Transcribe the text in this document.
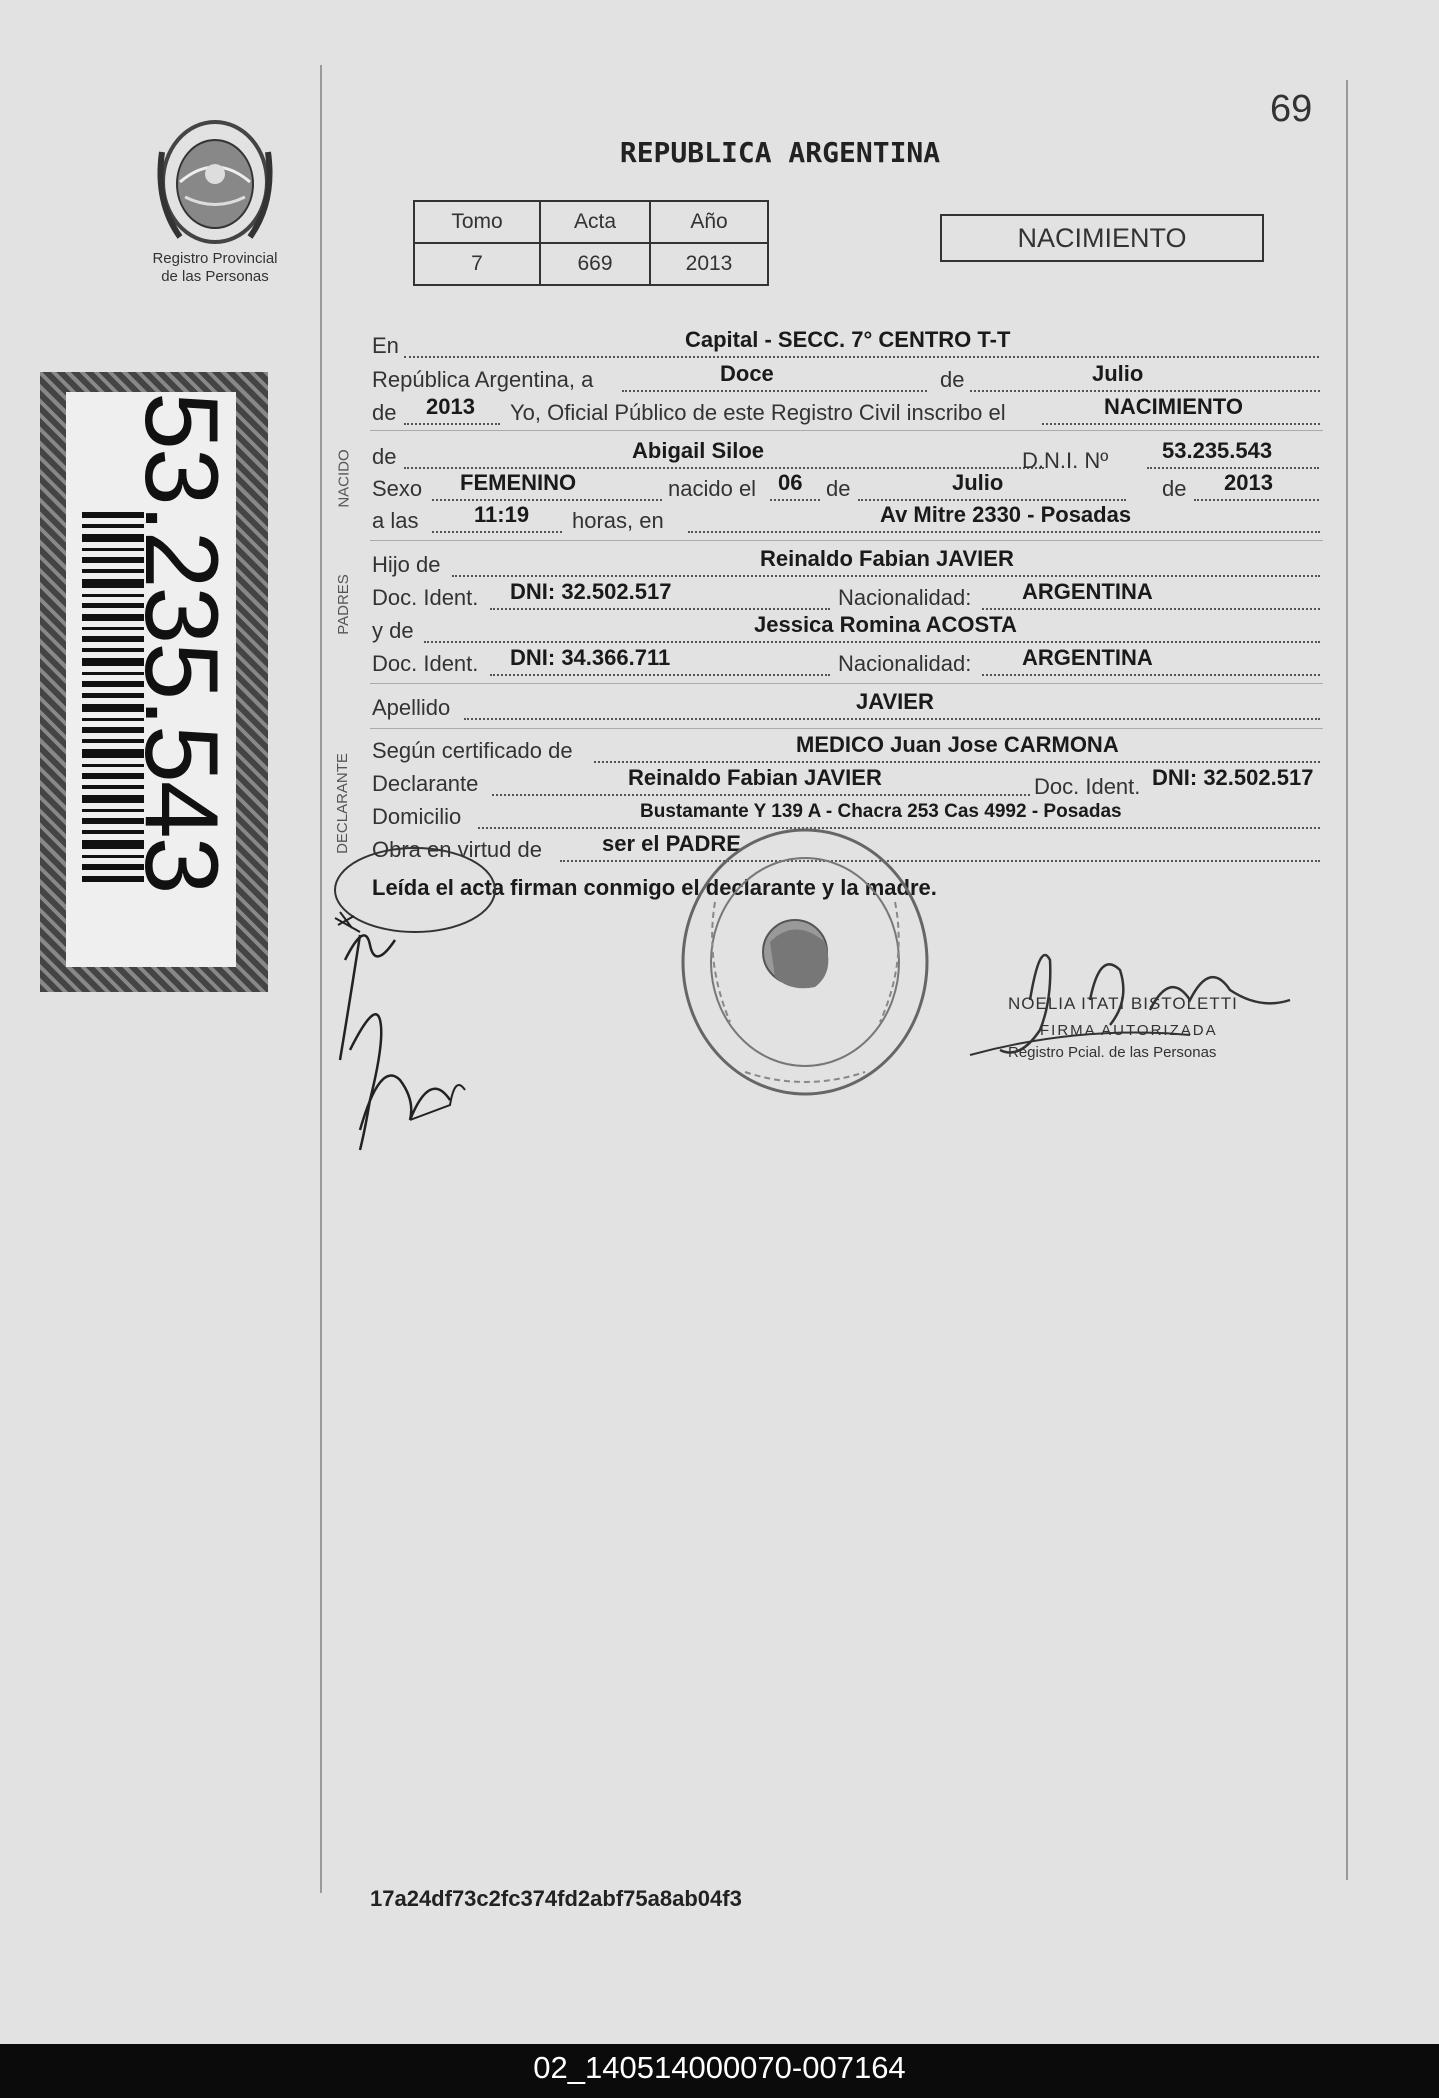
Registro Provincial
de las Personas
53.235.543
69
REPUBLICA ARGENTINA
Tomo	Acta	Año
7	669	2013
NACIMIENTO
NACIDO
PADRES
DECLARANTE
En	Capital - SECC. 7° CENTRO T-T
República Argentina, a	Doce	de	Julio
de 2013 Yo, Oficial Público de este Registro Civil inscribo el	NACIMIENTO
de	Abigail Siloe	D.N.I. Nº 53.235.543
Sexo FEMENINO	nacido el 06 de	Julio	de 2013
a las	11:19 horas, en	Av Mitre 2330 - Posadas
Hijo de	Reinaldo Fabian JAVIER
Doc. Ident. DNI: 32.502.517	Nacionalidad: ARGENTINA
y de	Jessica Romina ACOSTA
Doc. Ident. DNI: 34.366.711	Nacionalidad: ARGENTINA
Apellido	JAVIER
Según certificado de	MEDICO Juan Jose CARMONA
Declarante	Reinaldo Fabian JAVIER	Doc. Ident. DNI: 32.502.517
Domicilio	Bustamante Y 139 A - Chacra 253 Cas 4992 - Posadas
Obra en virtud de	ser el PADRE
Leída el acta firman conmigo el declarante y la madre.
NOELIA ITATI BISTOLETTI
FIRMA AUTORIZADA
Registro Pcial. de las Personas
17a24df73c2fc374fd2abf75a8ab04f3
02_140514000070-007164
